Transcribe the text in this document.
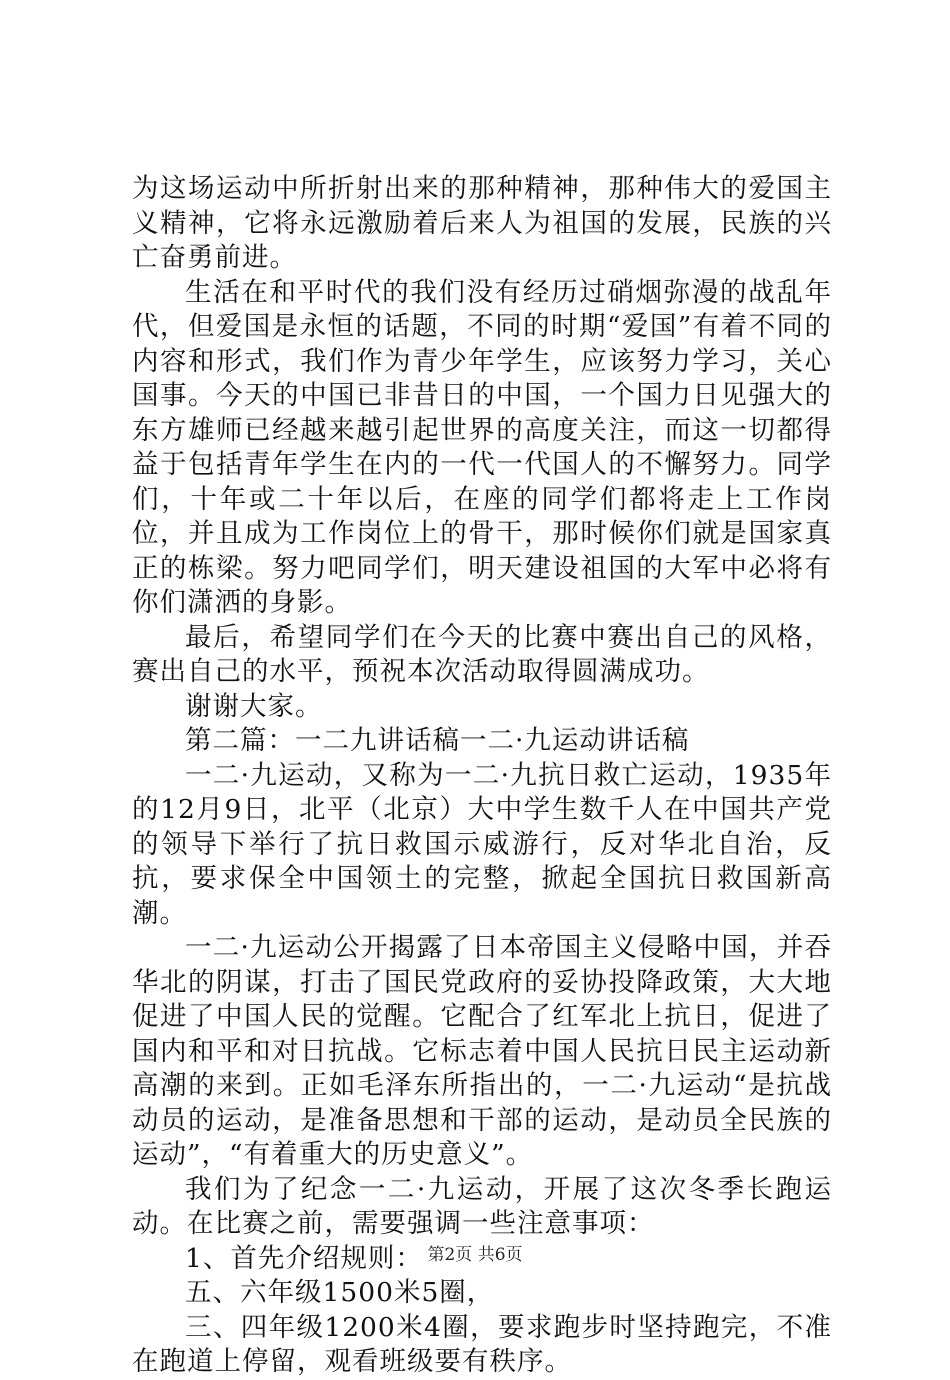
为这场运动中所折射出来的那种精神，那种伟大的爱国主义精神，它将永远激励着后来人为祖国的发展，民族的兴亡奋勇前进。

生活在和平时代的我们没有经历过硝烟弥漫的战乱年代，但爱国是永恒的话题，不同的时期“爱国”有着不同的内容和形式，我们作为青少年学生，应该努力学习，关心国事。今天的中国已非昔日的中国，一个国力日见强大的东方雄师已经越来越引起世界的高度关注，而这一切都得益于包括青年学生在内的一代一代国人的不懈努力。同学们，十年或二十年以后，在座的同学们都将走上工作岗位，并且成为工作岗位上的骨干，那时候你们就是国家真正的栋梁。努力吧同学们，明天建设祖国的大军中必将有你们潇洒的身影。

最后，希望同学们在今天的比赛中赛出自己的风格，赛出自己的水平，预祝本次活动取得圆满成功。

谢谢大家。

第二篇：一二九讲话稿一二·九运动讲话稿

一二·九运动，又称为一二·九抗日救亡运动，1935年的12月9日，北平（北京）大中学生数千人在中国共产党的领导下举行了抗日救国示威游行，反对华北自治，反抗，要求保全中国领土的完整，掀起全国抗日救国新高潮。

一二·九运动公开揭露了日本帝国主义侵略中国，并吞华北的阴谋，打击了国民党政府的妥协投降政策，大大地促进了中国人民的觉醒。它配合了红军北上抗日，促进了国内和平和对日抗战。它标志着中国人民抗日民主运动新高潮的来到。正如毛泽东所指出的，一二·九运动“是抗战动员的运动，是准备思想和干部的运动，是动员全民族的运动”，“有着重大的历史意义”。

我们为了纪念一二·九运动，开展了这次冬季长跑运动。在比赛之前，需要强调一些注意事项：

1、首先介绍规则：

五、六年级1500米5圈，

三、四年级1200米4圈，要求跑步时坚持跑完，不准在跑道上停留，观看班级要有秩序。

第2页 共6页
